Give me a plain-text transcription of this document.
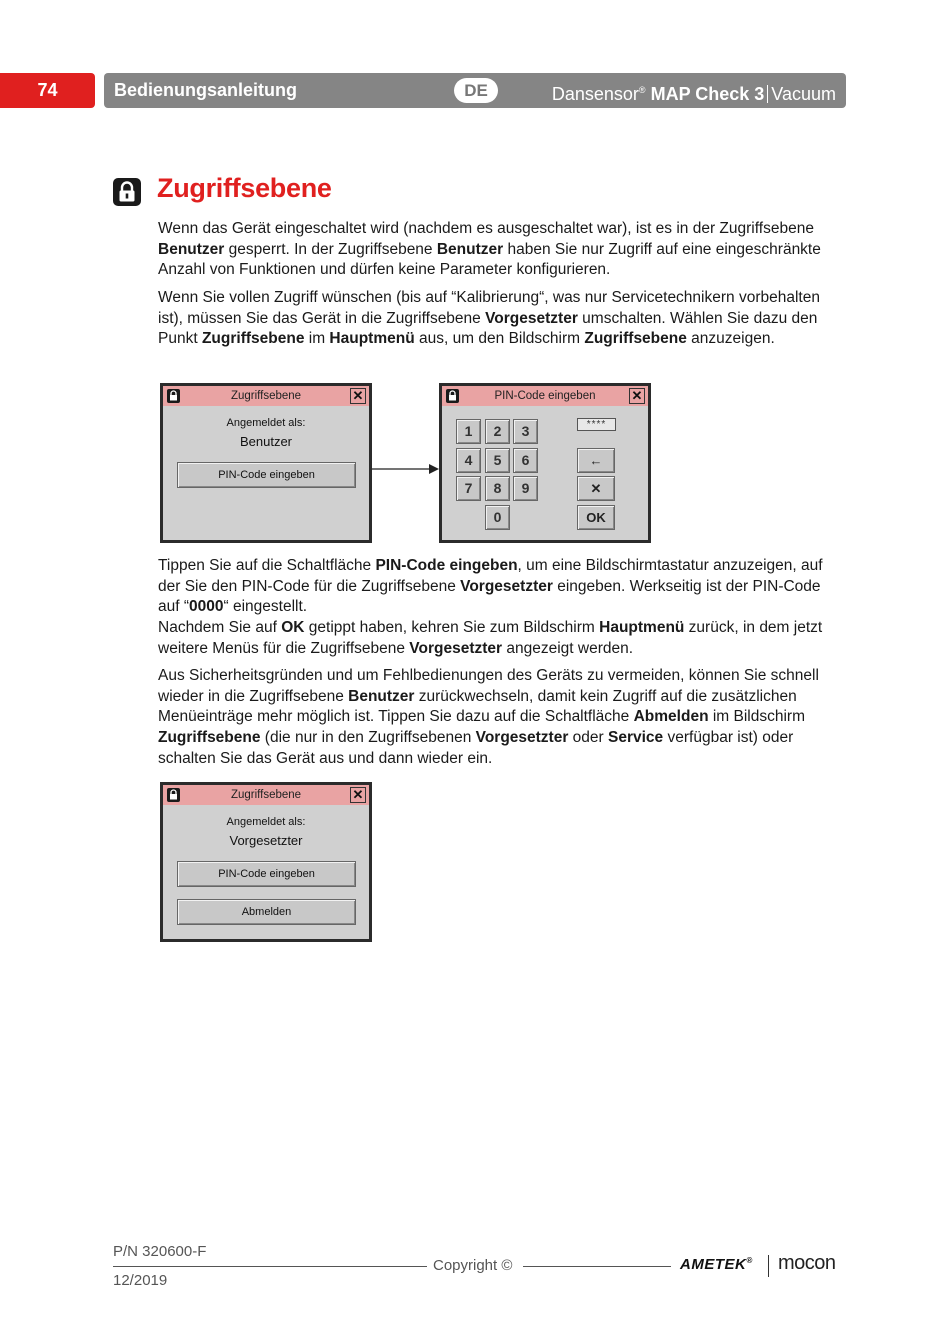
74	Bedienungsanleitung	DE	Dansensor® MAP Check 3 Vacuum
Zugriffsebene
Wenn das Gerät eingeschaltet wird (nachdem es ausgeschaltet war), ist es in der Zugriffsebene Benutzer gesperrt. In der Zugriffsebene Benutzer haben Sie nur Zugriff auf eine eingeschränkte Anzahl von Funktionen und dürfen keine Parameter konfigurieren.
Wenn Sie vollen Zugriff wünschen (bis auf “Kalibrierung“, was nur Servicetechnikern vorbehalten ist), müssen Sie das Gerät in die Zugriffsebene Vorgesetzter umschalten. Wählen Sie dazu den Punkt Zugriffsebene im Hauptmenü aus, um den Bildschirm Zugriffsebene anzuzeigen.
Zugriffsebene	✕
Angemeldet als:
Benutzer
PIN-Code eingeben
PIN-Code eingeben	✕
****
1	2	3
4	5	6
7	8	9
0
←
✕
OK
Tippen Sie auf die Schaltfläche PIN-Code eingeben, um eine Bildschirmtastatur anzuzeigen, auf der Sie den PIN-Code für die Zugriffsebene Vorgesetzter eingeben. Werkseitig ist der PIN-Code auf “0000“ eingestellt.
Nachdem Sie auf OK getippt haben, kehren Sie zum Bildschirm Hauptmenü zurück, in dem jetzt weitere Menüs für die Zugriffsebene Vorgesetzter angezeigt werden.
Aus Sicherheitsgründen und um Fehlbedienungen des Geräts zu vermeiden, können Sie schnell wieder in die Zugriffsebene Benutzer zurückwechseln, damit kein Zugriff auf die zusätzlichen Menüeinträge mehr möglich ist. Tippen Sie dazu auf die Schaltfläche Abmelden im Bildschirm Zugriffsebene (die nur in den Zugriffsebenen Vorgesetzter oder Service verfügbar ist) oder schalten Sie das Gerät aus und dann wieder ein.
Zugriffsebene	✕
Angemeldet als:
Vorgesetzter
PIN-Code eingeben
Abmelden
P/N 320600-F
Copyright ©
12/2019
AMETEK® mocon
